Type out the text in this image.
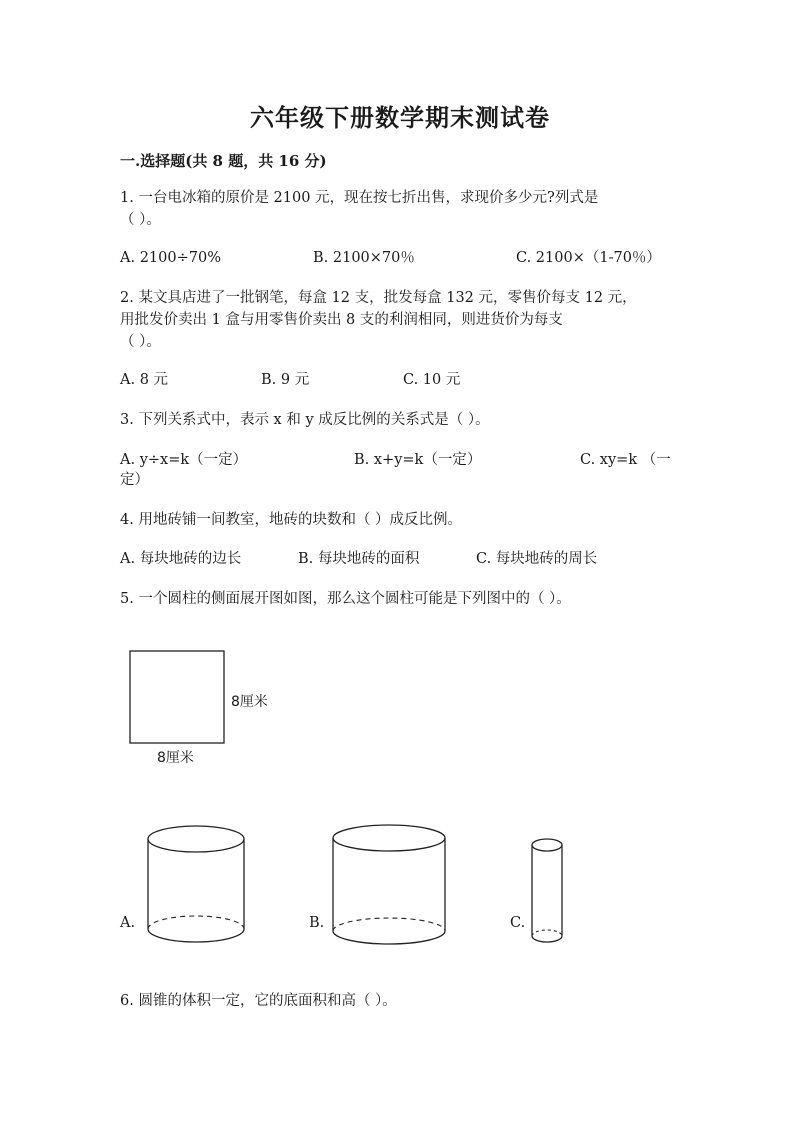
六年级下册数学期末测试卷
一.选择题(共 8 题，共 16 分)
1. 一台电冰箱的原价是 2100 元，现在按七折出售，求现价多少元?列式是
（ ）。
A. 2100÷70%	B. 2100×70％	C. 2100×（1-70％）
2. 某文具店进了一批钢笔，每盒 12 支，批发每盒 132 元，零售价每支 12 元，
用批发价卖出 1 盒与用零售价卖出 8 支的利润相同，则进货价为每支
（ ）。
A. 8 元	B. 9 元	C. 10 元
3. 下列关系式中，表示 x 和 y 成反比例的关系式是（ ）。
A. y÷x=k（一定）	B. x+y=k（一定）	C. xy=k （一
定）
4. 用地砖铺一间教室，地砖的块数和（ ）成反比例。
A. 每块地砖的边长	B. 每块地砖的面积	C. 每块地砖的周长
5. 一个圆柱的侧面展开图如图，那么这个圆柱可能是下列图中的（ ）。
8厘米
8厘米
A.	B.	C.
6. 圆锥的体积一定，它的底面积和高（ ）。
